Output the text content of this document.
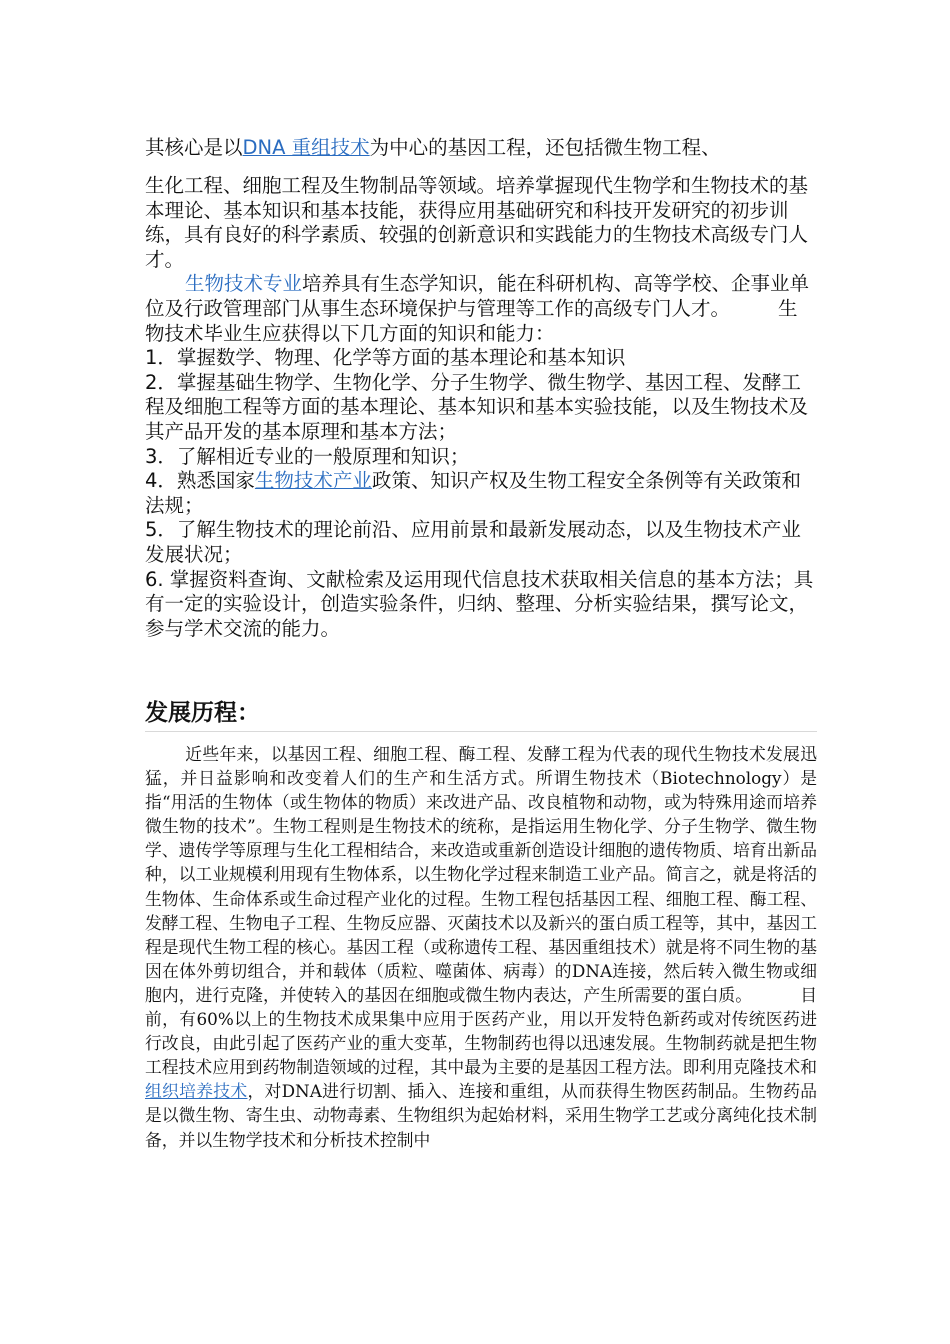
其核心是以DNA 重组技术为中心的基因工程，还包括微生物工程、

生化工程、细胞工程及生物制品等领域。培养掌握现代生物学和生物技术的基本理论、基本知识和基本技能，获得应用基础研究和科技开发研究的初步训练，具有良好的科学素质、较强的创新意识和实践能力的生物技术高级专门人才。

生物技术专业培养具有生态学知识，能在科研机构、高等学校、企事业单位及行政管理部门从事生态环境保护与管理等工作的高级专门人才。 生物技术毕业生应获得以下几方面的知识和能力：

1．掌握数学、物理、化学等方面的基本理论和基本知识

2．掌握基础生物学、生物化学、分子生物学、微生物学、基因工程、发酵工程及细胞工程等方面的基本理论、基本知识和基本实验技能，以及生物技术及其产品开发的基本原理和基本方法；

3．了解相近专业的一般原理和知识；

4．熟悉国家生物技术产业政策、知识产权及生物工程安全条例等有关政策和法规；

5．了解生物技术的理论前沿、应用前景和最新发展动态，以及生物技术产业发展状况；

6. 掌握资料查询、文献检索及运用现代信息技术获取相关信息的基本方法；具有一定的实验设计，创造实验条件，归纳、整理、分析实验结果，撰写论文，参与学术交流的能力。

发展历程：
近些年来，以基因工程、细胞工程、酶工程、发酵工程为代表的现代生物技术发展迅猛，并日益影响和改变着人们的生产和生活方式。所谓生物技术（Biotechnology）是指“用活的生物体（或生物体的物质）来改进产品、改良植物和动物，或为特殊用途而培养微生物的技术”。生物工程则是生物技术的统称，是指运用生物化学、分子生物学、微生物学、遗传学等原理与生化工程相结合，来改造或重新创造设计细胞的遗传物质、培育出新品种，以工业规模利用现有生物体系，以生物化学过程来制造工业产品。简言之，就是将活的生物体、生命体系或生命过程产业化的过程。生物工程包括基因工程、细胞工程、酶工程、发酵工程、生物电子工程、生物反应器、灭菌技术以及新兴的蛋白质工程等，其中，基因工程是现代生物工程的核心。基因工程（或称遗传工程、基因重组技术）就是将不同生物的基因在体外剪切组合，并和载体（质粒、噬菌体、病毒）的DNA连接，然后转入微生物或细胞内，进行克隆，并使转入的基因在细胞或微生物内表达，产生所需要的蛋白质。	目前，有60%以上的生物技术成果集中应用于医药产业，用以开发特色新药或对传统医药进行改良，由此引起了医药产业的重大变革，生物制药也得以迅速发展。生物制药就是把生物工程技术应用到药物制造领域的过程，其中最为主要的是基因工程方法。即利用克隆技术和组织培养技术，对DNA进行切割、插入、连接和重组，从而获得生物医药制品。生物药品是以微生物、寄生虫、动物毒素、生物组织为起始材料，采用生物学工艺或分离纯化技术制备，并以生物学技术和分析技术控制中
